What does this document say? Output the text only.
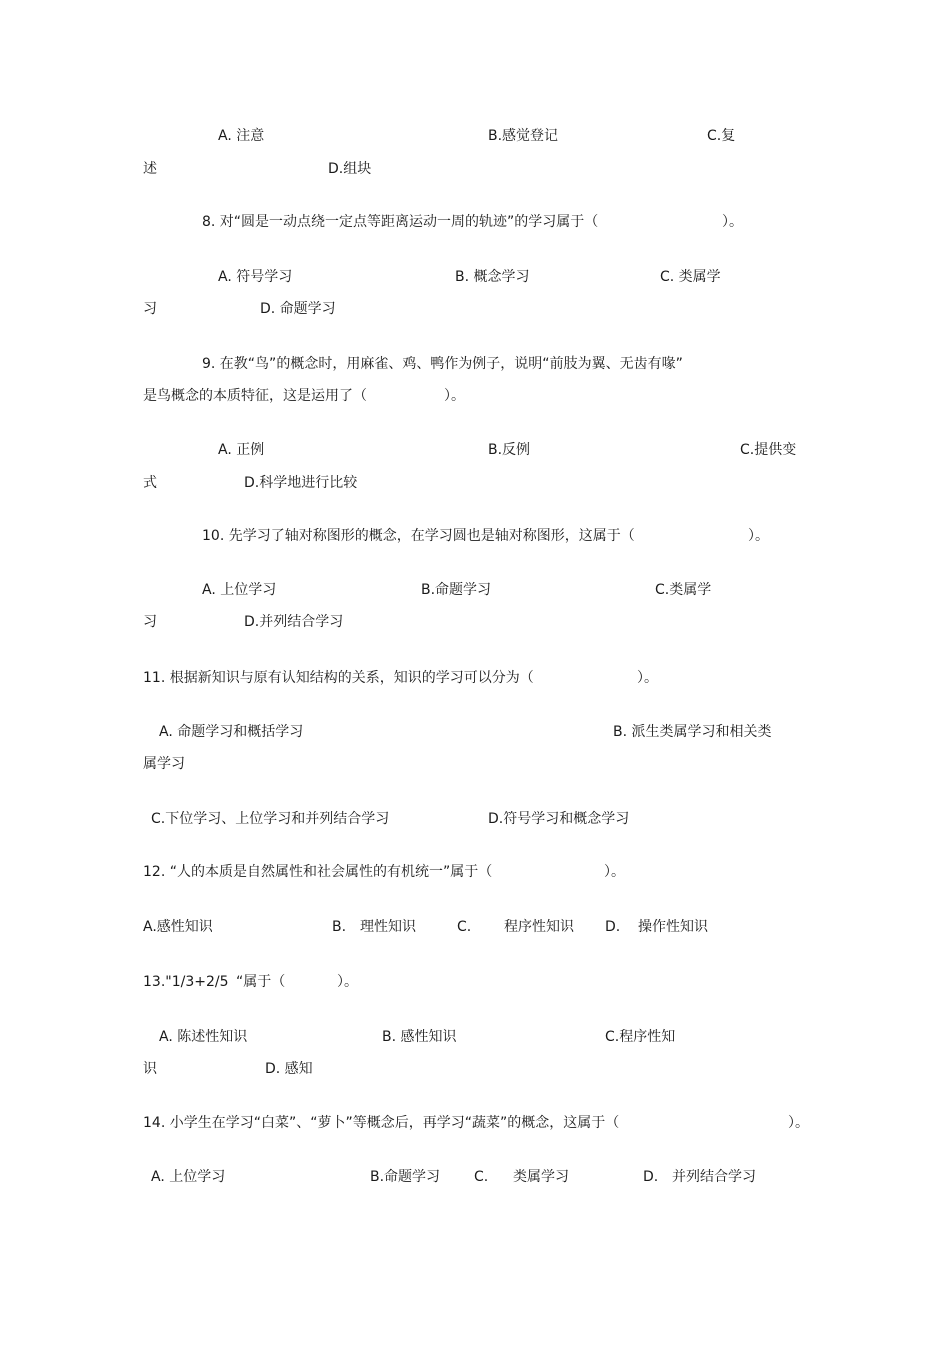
A. 注意	B.感觉登记	C.复
述	D.组块
8. 对“圆是一动点绕一定点等距离运动一周的轨迹”的学习属于（	）。
A. 符号学习	B. 概念学习	C. 类属学
习	D. 命题学习
9. 在教“鸟”的概念时，用麻雀、鸡、鸭作为例子，说明“前肢为翼、无齿有喙”
是鸟概念的本质特征，这是运用了（	）。
A. 正例	B.反例	C.提供变
式	D.科学地进行比较
10. 先学习了轴对称图形的概念，在学习圆也是轴对称图形，这属于（	）。
A. 上位学习	B.命题学习	C.类属学
习	D.并列结合学习
11. 根据新知识与原有认知结构的关系，知识的学习可以分为（	）。
A. 命题学习和概括学习	B. 派生类属学习和相关类
属学习
C.下位学习、上位学习和并列结合学习	D.符号学习和概念学习
12. “人的本质是自然属性和社会属性的有机统一”属于（	）。
A.感性知识	B. 理性知识	C. 程序性知识 D. 操作性知识
13."1/3+2/5 “属于（	）。
A. 陈述性知识	B. 感性知识	C.程序性知
识	D. 感知
14. 小学生在学习“白菜”、“萝卜”等概念后，再学习“蔬菜”的概念，这属于（	）。
A. 上位学习	B.命题学习 C. 类属学习	D. 并列结合学习
